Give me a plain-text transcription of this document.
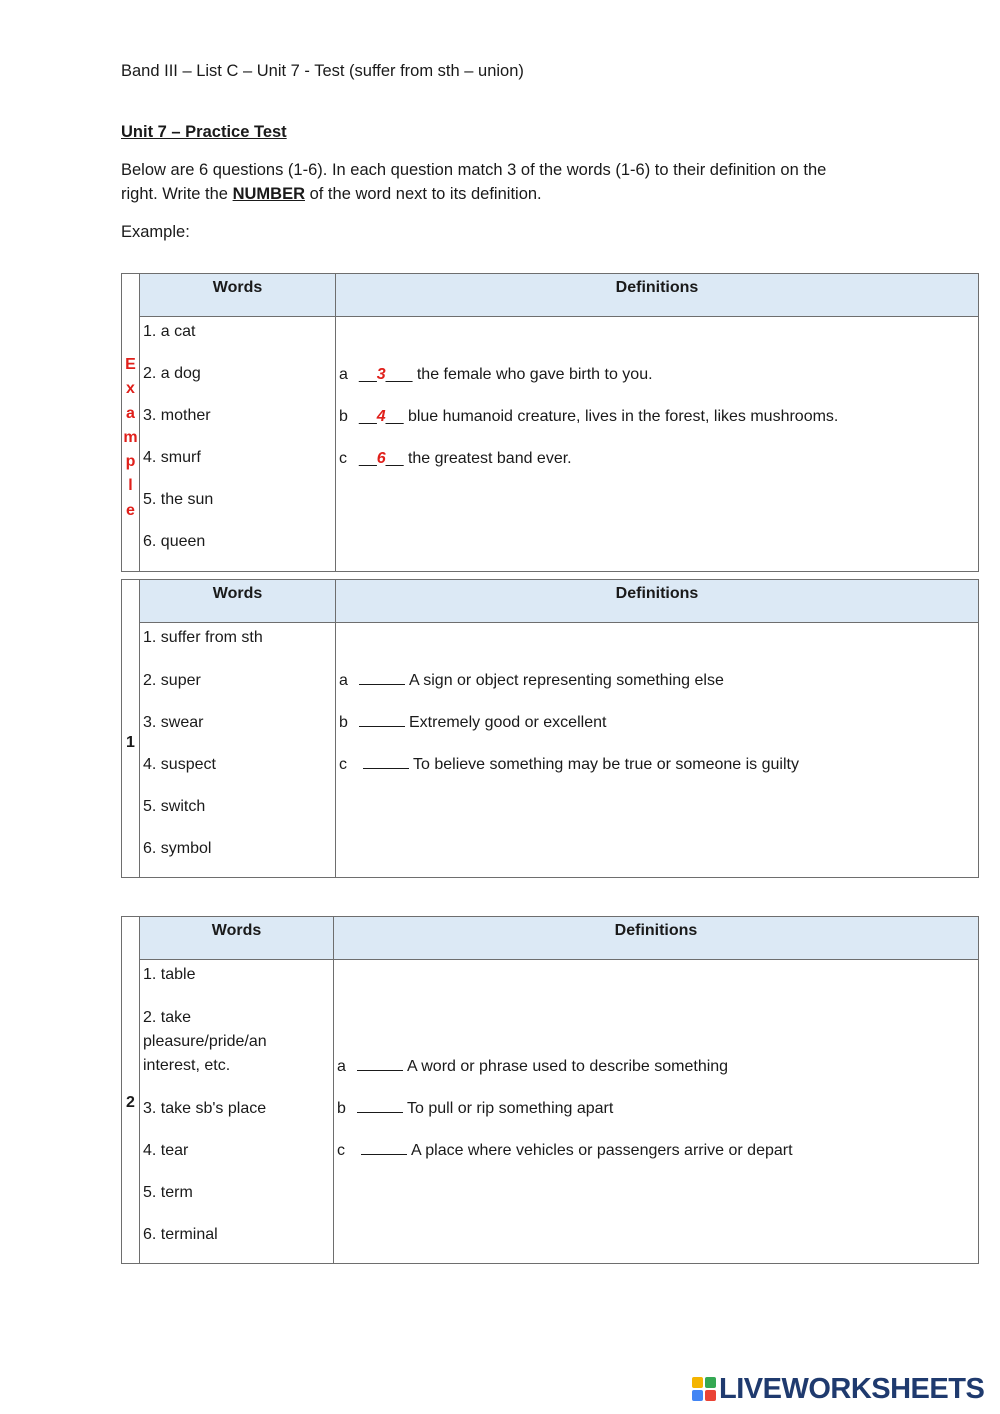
Band III – List C – Unit 7 - Test (suffer from sth – union)
Unit 7 – Practice Test
Below are 6 questions (1-6). In each question match 3 of the words (1-6) to their definition on the right. Write the NUMBER of the word next to its definition.
Example:
Words	Definitions
E
x
a
m
p
l
e
1. a cat
2. a dog
3. mother
4. smurf
5. the sun
6. queen
a __3___ the female who gave birth to you.
b __4__ blue humanoid creature, lives in the forest, likes mushrooms.
c __6__ the greatest band ever.
Words	Definitions
1
1. suffer from sth
2. super
3. swear
4. suspect
5. switch
6. symbol
a	A sign or object representing something else
b	Extremely good or excellent
c	To believe something may be true or someone is guilty
Words	Definitions
2
1. table
2. take pleasure/pride/an interest, etc.
3. take sb's place
4. tear
5. term
6. terminal
a	A word or phrase used to describe something
b	To pull or rip something apart
c	A place where vehicles or passengers arrive or depart
LIVEWORKSHEETS
